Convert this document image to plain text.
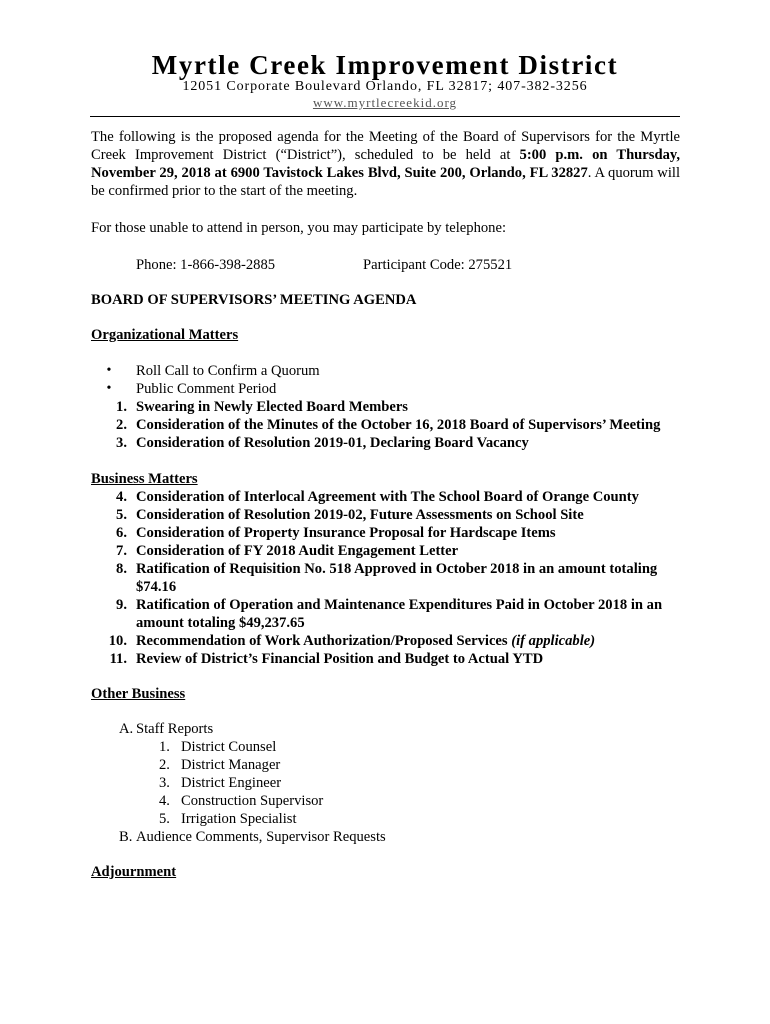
Myrtle Creek Improvement District
12051 Corporate Boulevard Orlando, FL 32817; 407-382-3256
www.myrtlecreekid.org
The following is the proposed agenda for the Meeting of the Board of Supervisors for the Myrtle Creek Improvement District (“District”), scheduled to be held at 5:00 p.m. on Thursday, November 29, 2018 at 6900 Tavistock Lakes Blvd, Suite 200, Orlando, FL 32827. A quorum will be confirmed prior to the start of the meeting.
For those unable to attend in person, you may participate by telephone:
Phone: 1-866-398-2885	Participant Code: 275521
BOARD OF SUPERVISORS’ MEETING AGENDA
Organizational Matters
• Roll Call to Confirm a Quorum
• Public Comment Period
1. Swearing in Newly Elected Board Members
2. Consideration of the Minutes of the October 16, 2018 Board of Supervisors’ Meeting
3. Consideration of Resolution 2019-01, Declaring Board Vacancy
Business Matters
4. Consideration of Interlocal Agreement with The School Board of Orange County
5. Consideration of Resolution 2019-02, Future Assessments on School Site
6. Consideration of Property Insurance Proposal for Hardscape Items
7. Consideration of FY 2018 Audit Engagement Letter
8. Ratification of Requisition No. 518 Approved in October 2018 in an amount totaling $74.16
9. Ratification of Operation and Maintenance Expenditures Paid in October 2018 in an amount totaling $49,237.65
10. Recommendation of Work Authorization/Proposed Services (if applicable)
11. Review of District’s Financial Position and Budget to Actual YTD
Other Business
A. Staff Reports
1. District Counsel
2. District Manager
3. District Engineer
4. Construction Supervisor
5. Irrigation Specialist
B. Audience Comments, Supervisor Requests
Adjournment
